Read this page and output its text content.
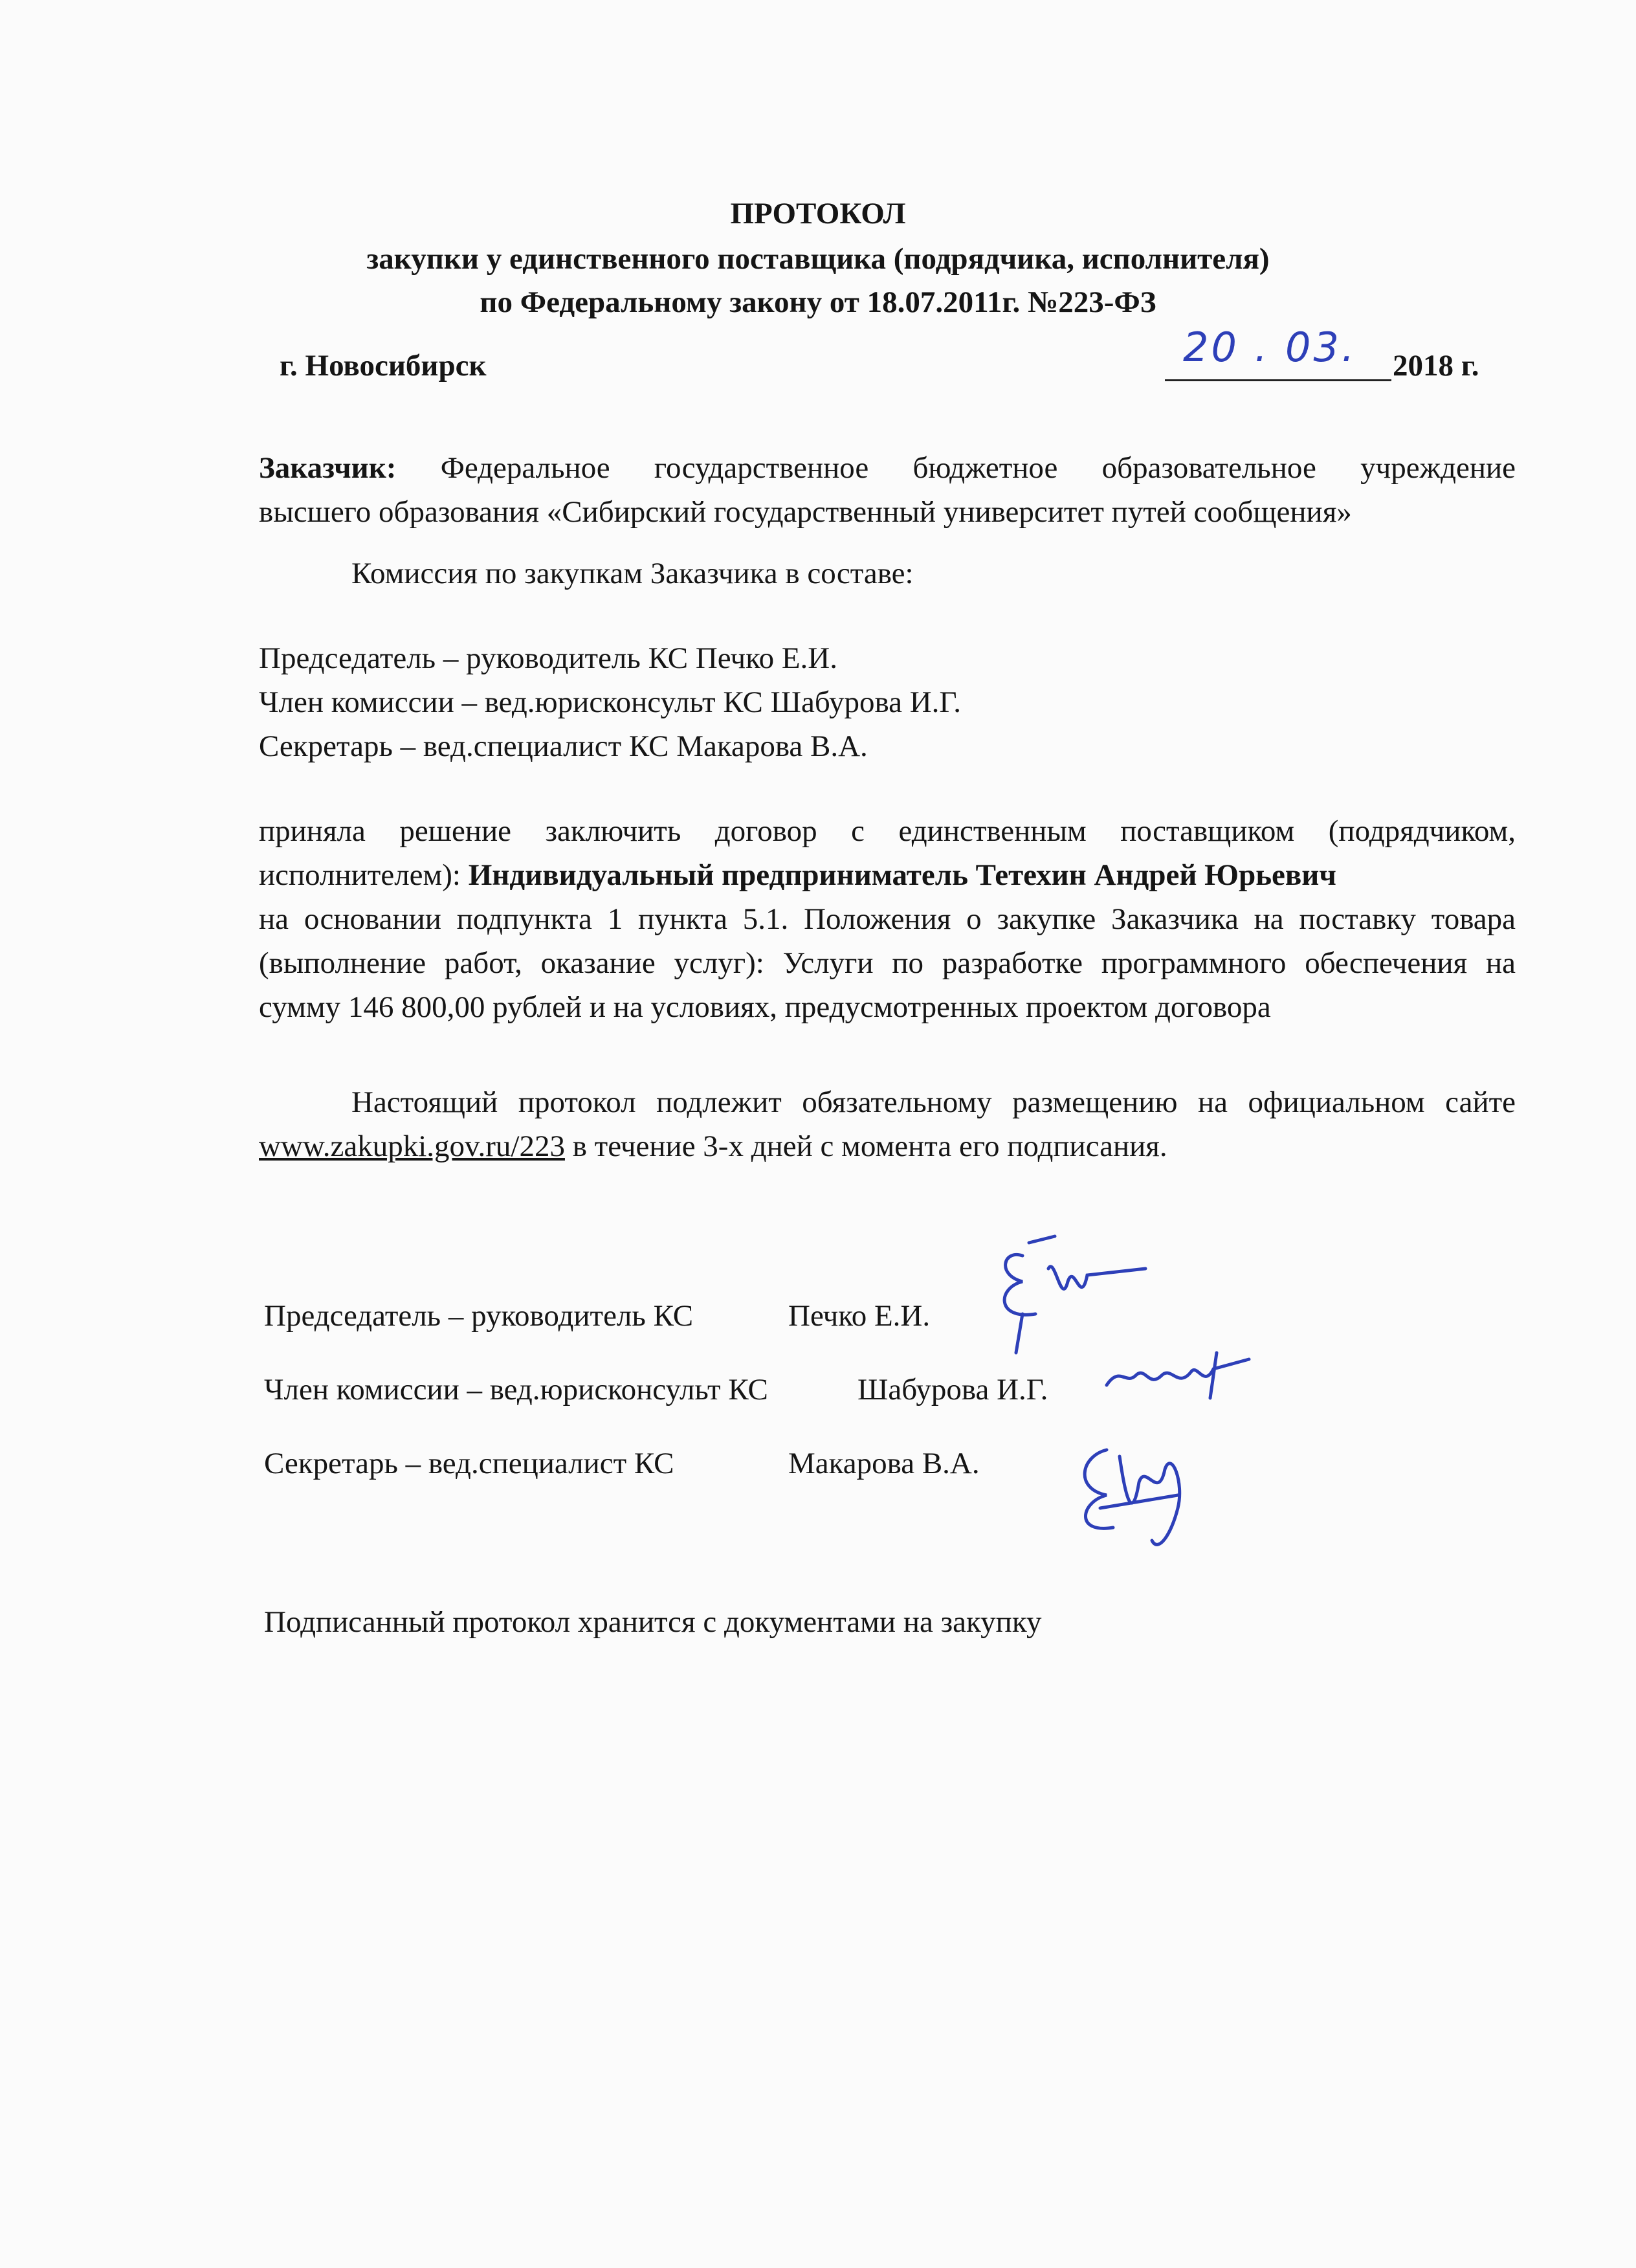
ПРОТОКОЛ
закупки у единственного поставщика (подрядчика, исполнителя)
по Федеральному закону от 18.07.2011г. №223-ФЗ
г. Новосибирск	20 . 03. 2018 г.
Заказчик: Федеральное государственное бюджетное образовательное учреждение
высшего образования «Сибирский государственный университет путей сообщения»
Комиссия по закупкам Заказчика в составе:
Председатель – руководитель КС Печко Е.И.
Член комиссии – вед.юрисконсульт КС Шабурова И.Г.
Секретарь – вед.специалист КС Макарова В.А.
приняла решение заключить договор с единственным поставщиком (подрядчиком,
исполнителем): Индивидуальный предприниматель Тетехин Андрей Юрьевич
на основании подпункта 1 пункта 5.1. Положения о закупке Заказчика на поставку товара
(выполнение работ, оказание услуг): Услуги по разработке программного обеспечения на
сумму 146 800,00 рублей и на условиях, предусмотренных проектом договора
Настоящий протокол подлежит обязательному размещению на официальном сайте
www.zakupki.gov.ru/223 в течение 3-х дней с момента его подписания.
Председатель – руководитель КС	Печко Е.И.
Член комиссии – вед.юрисконсульт КС	Шабурова И.Г.
Секретарь – вед.специалист КС	Макарова В.А.
Подписанный протокол хранится с документами на закупку
